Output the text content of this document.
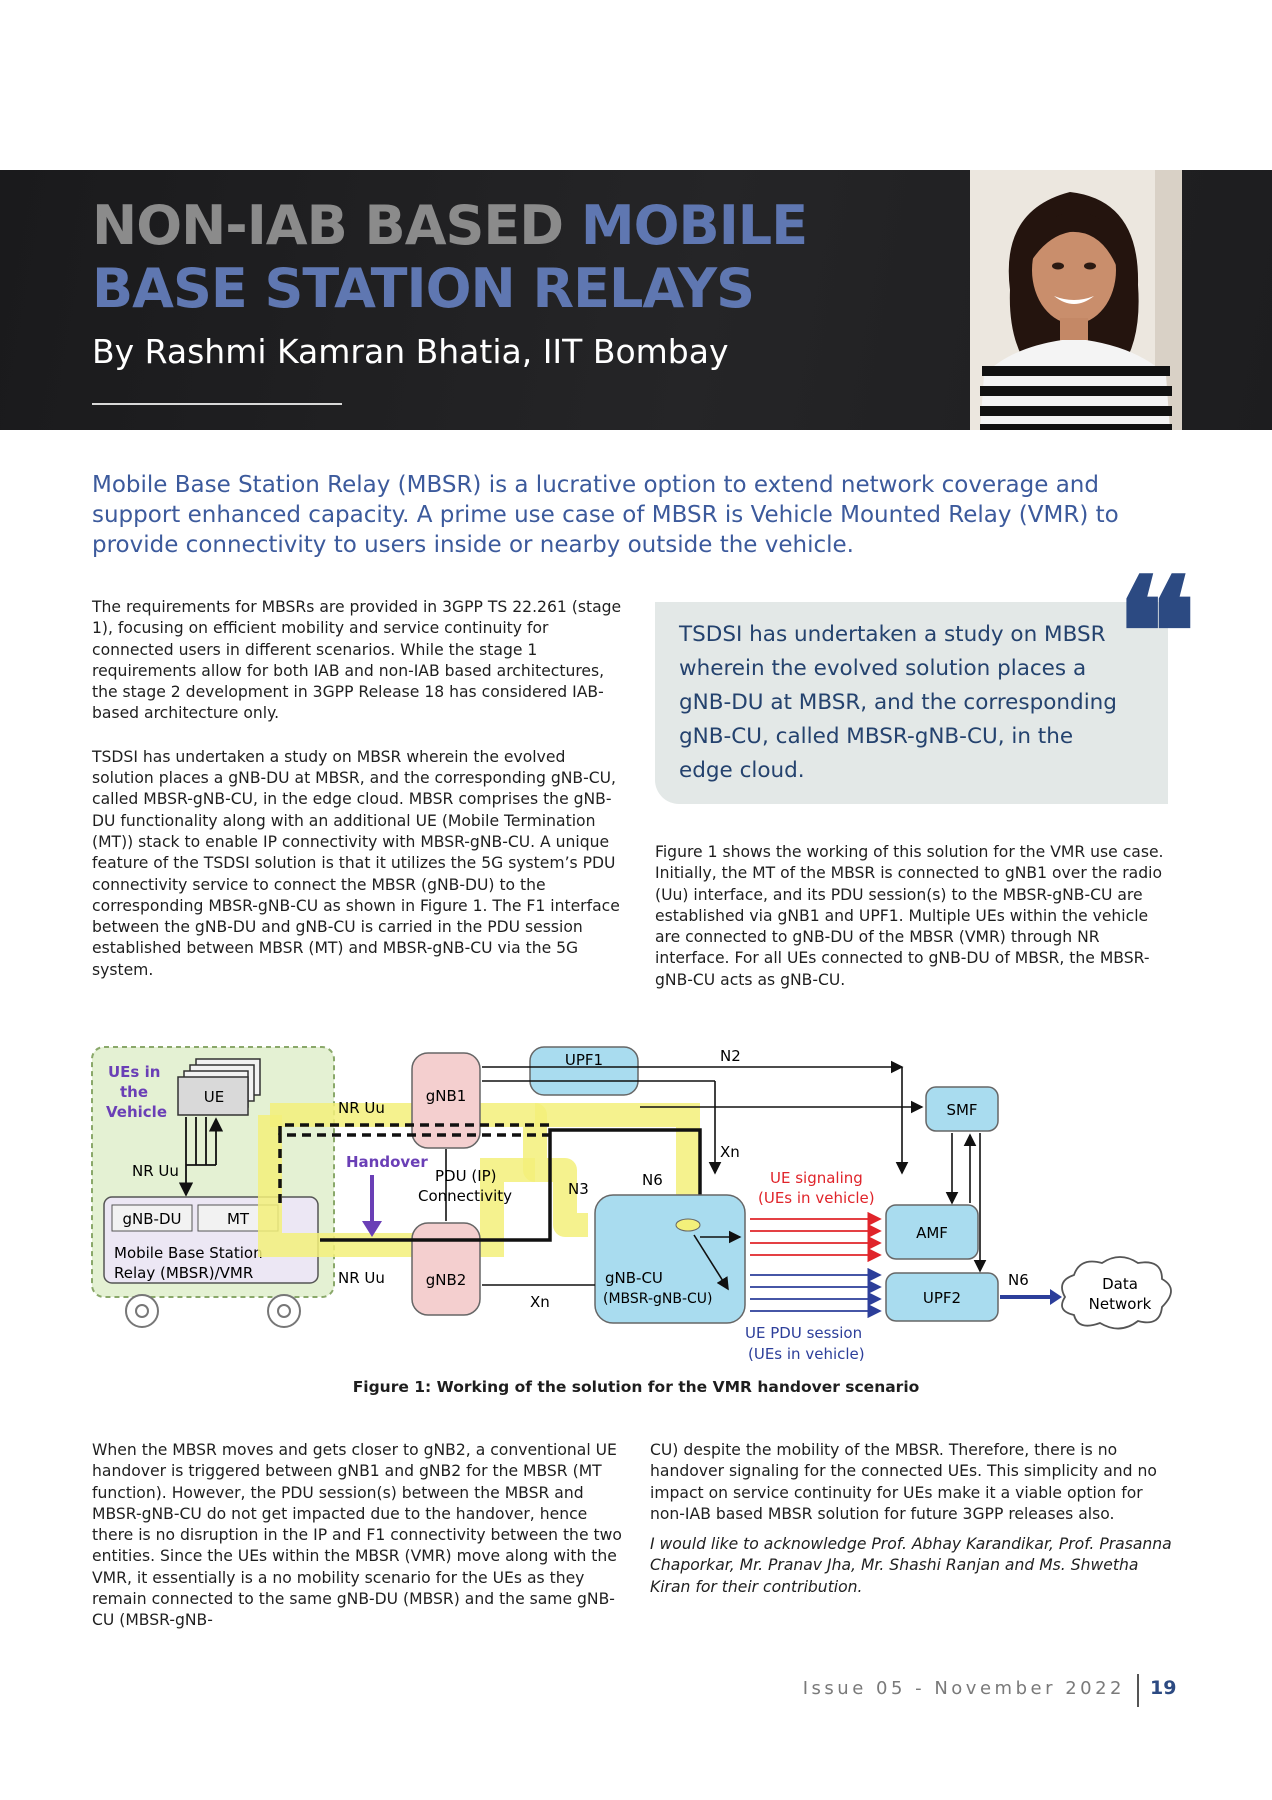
NON-IAB BASED MOBILE
BASE STATION RELAYS
By Rashmi Kamran Bhatia, IIT Bombay
Mobile Base Station Relay (MBSR) is a lucrative option to extend network coverage and support enhanced capacity. A prime use case of MBSR is Vehicle Mounted Relay (VMR) to provide connectivity to users inside or nearby outside the vehicle.

The requirements for MBSRs are provided in 3GPP TS 22.261 (stage 1), focusing on efficient mobility and service continuity for connected users in different scenarios. While the stage 1 requirements allow for both IAB and non-IAB based architectures, the stage 2 development in 3GPP Release 18 has considered IAB-based architecture only.

TSDSI has undertaken a study on MBSR wherein the evolved solution places a gNB-DU at MBSR, and the corresponding gNB-CU, called MBSR-gNB-CU, in the edge cloud. MBSR comprises the gNB-DU functionality along with an additional UE (Mobile Termination (MT)) stack to enable IP connectivity with MBSR-gNB-CU. A unique feature of the TSDSI solution is that it utilizes the 5G system’s PDU connectivity service to connect the MBSR (gNB-DU) to the corresponding MBSR-gNB-CU as shown in Figure 1. The F1 interface between the gNB-DU and gNB-CU is carried in the PDU session established between MBSR (MT) and MBSR-gNB-CU via the 5G system.

TSDSI has undertaken a study on MBSR wherein the evolved solution places a gNB-DU at MBSR, and the corresponding gNB-CU, called MBSR-gNB-CU, in the edge cloud.
❝

Figure 1 shows the working of this solution for the VMR use case. Initially, the MT of the MBSR is connected to gNB1 over the radio (Uu) interface, and its PDU session(s) to the MBSR-gNB-CU are established via gNB1 and UPF1. Multiple UEs within the vehicle are connected to gNB-DU of the MBSR (VMR) through NR interface. For all UEs connected to gNB-DU of MBSR, the MBSR-gNB-CU acts as gNB-CU.

UEs in
the
Vehicle
UE
NR Uu
gNB-DU	MT
Mobile Base Station
Relay (MBSR)/VMR
gNB1
gNB2
NR Uu
NR Uu
Handover
PDU (IP)
Connectivity
UPF1	N2
Xn
N3	N6
gNB-CU
(MBSR-gNB-CU)
Xn
UE signaling
(UEs in vehicle)
UE PDU session
(UEs in vehicle)
SMF
AMF
UPF2
N6	Data
Network
Figure 1: Working of the solution for the VMR handover scenario

When the MBSR moves and gets closer to gNB2, a conventional UE handover is triggered between gNB1 and gNB2 for the MBSR (MT function). However, the PDU session(s) between the MBSR and MBSR-gNB-CU do not get impacted due to the handover, hence there is no disruption in the IP and F1 connectivity between the two entities. Since the UEs within the MBSR (VMR) move along with the VMR, it essentially is a no mobility scenario for the UEs as they remain connected to the same gNB-DU (MBSR) and the same gNB-CU (MBSR-gNB-

CU) despite the mobility of the MBSR. Therefore, there is no handover signaling for the connected UEs. This simplicity and no impact on service continuity for UEs make it a viable option for non-IAB based MBSR solution for future 3GPP releases also.

I would like to acknowledge Prof. Abhay Karandikar, Prof. Prasanna Chaporkar, Mr. Pranav Jha, Mr. Shashi Ranjan and Ms. Shwetha Kiran for their contribution.

Issue 05 - November 2022 19
